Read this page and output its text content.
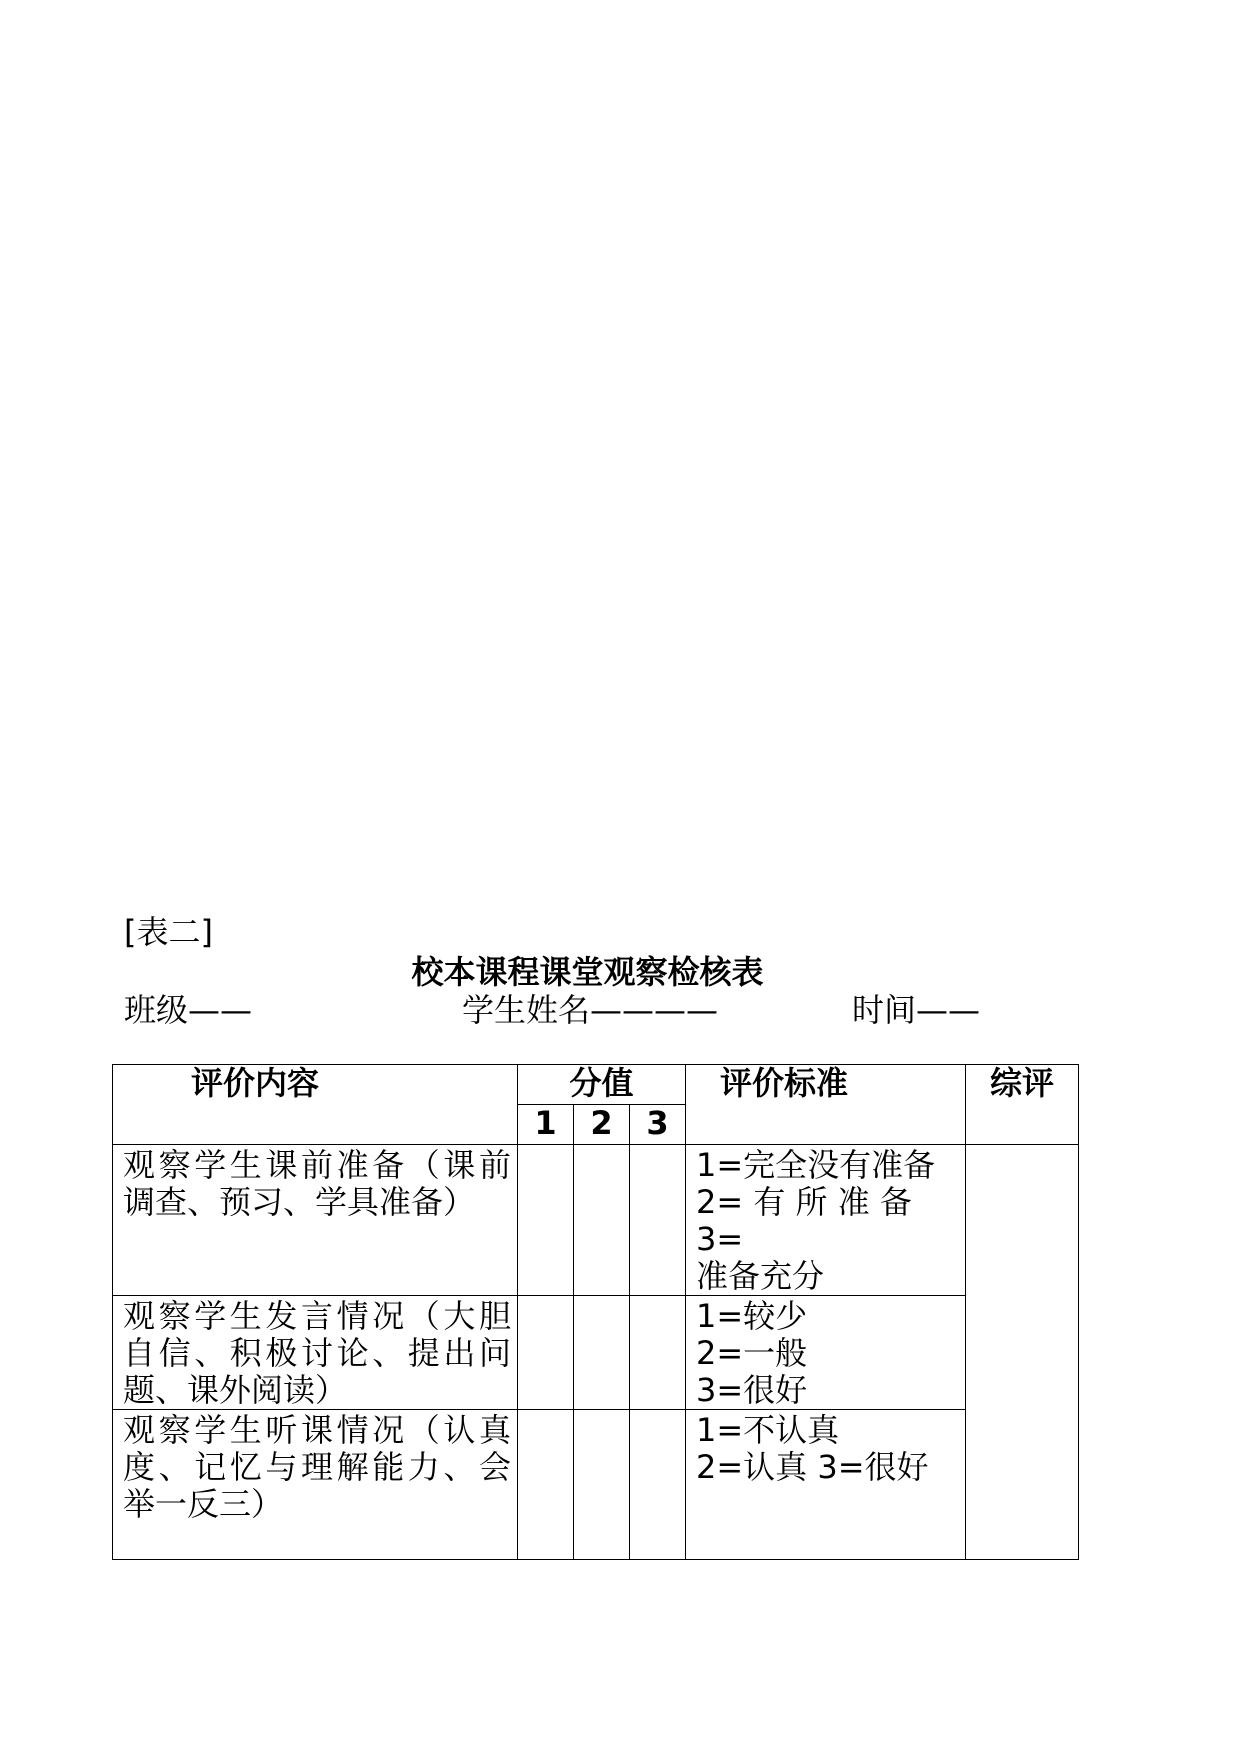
[表二]
校本课程课堂观察检核表
班级——	学生姓名————	时间——
评价内容	分值			评价标准	综评
	1	2	3		

观察学生课前准备（课前
调查、预习、学具准备）				1=完全没有准备
2= 有 所 准 备 3=
准备充分	

观察学生发言情况（大胆
自信、积极讨论、提出问
题、课外阅读）				1=较少
2=一般
3=很好	

观察学生听课情况（认真
度、记忆与理解能力、会
举一反三）				1=不认真
2=认真 3=很好	
